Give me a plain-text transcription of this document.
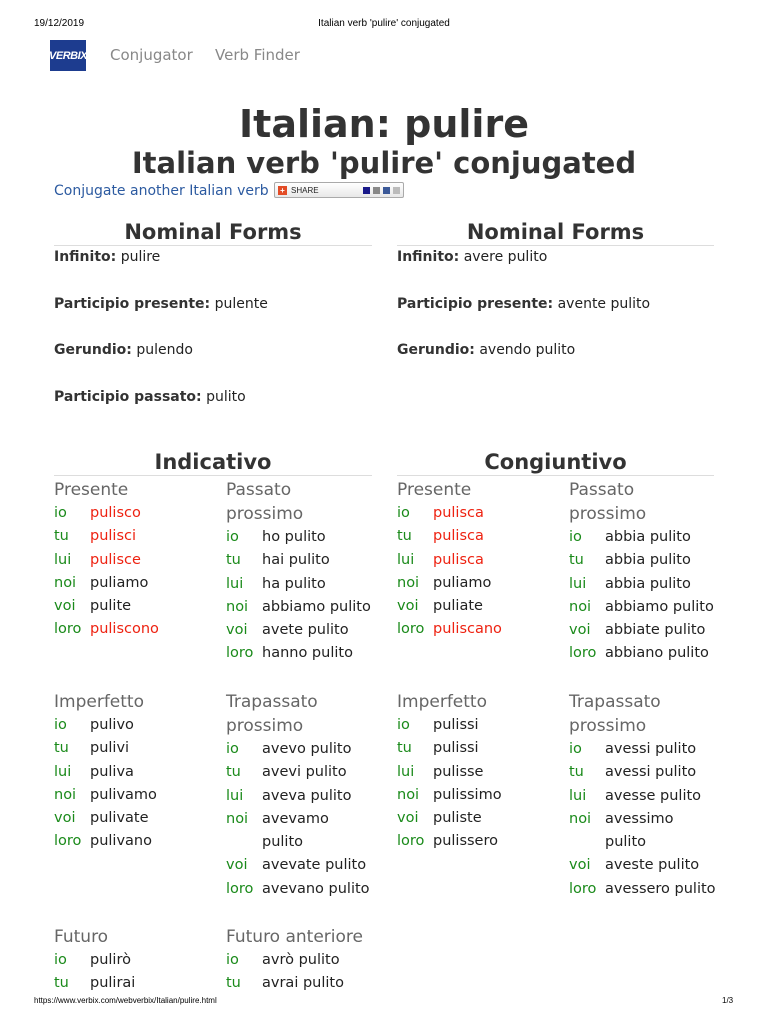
19/12/2019	Italian verb 'pulire' conjugated
VERBIX Conjugator Verb Finder
Italian: pulire
Italian verb 'pulire' conjugated
Conjugate another Italian verb + SHARE
Nominal Forms	Nominal Forms
Infinito: pulire
Participio presente: pulente
Gerundio: pulendo
Participio passato: pulito
Infinito: avere pulito
Participio presente: avente pulito
Gerundio: avendo pulito
Indicativo	Congiuntivo
Presente
io	pulisco
tu	pulisci
lui	pulisce
noi puliamo
voi	pulite
loro puliscono
Passato
prossimo
io	ho pulito
tu	hai pulito
lui	ha pulito
noi abbiamo pulito
voi	avete pulito
loro hanno pulito
Presente
io	pulisca
tu	pulisca
lui	pulisca
noi puliamo
voi	puliate
loro puliscano
Passato
prossimo
io	abbia pulito
tu	abbia pulito
lui	abbia pulito
noi abbiamo pulito
voi	abbiate pulito
loro abbiano pulito
Imperfetto
io	pulivo
tu	pulivi
lui	puliva
noi pulivamo
voi	pulivate
loro pulivano
Trapassato
prossimo
io	avevo pulito
tu	avevi pulito
lui	aveva pulito
noi avevamo
pulito
voi	avevate pulito
loro avevano pulito
Imperfetto
io	pulissi
tu	pulissi
lui	pulisse
noi pulissimo
voi	puliste
loro pulissero
Trapassato
prossimo
io	avessi pulito
tu	avessi pulito
lui	avesse pulito
noi avessimo
pulito
voi	aveste pulito
loro avessero pulito
Futuro
io	pulirò
tu	pulirai
Futuro anteriore
io	avrò pulito
tu	avrai pulito
https://www.verbix.com/webverbix/Italian/pulire.html	1/3
